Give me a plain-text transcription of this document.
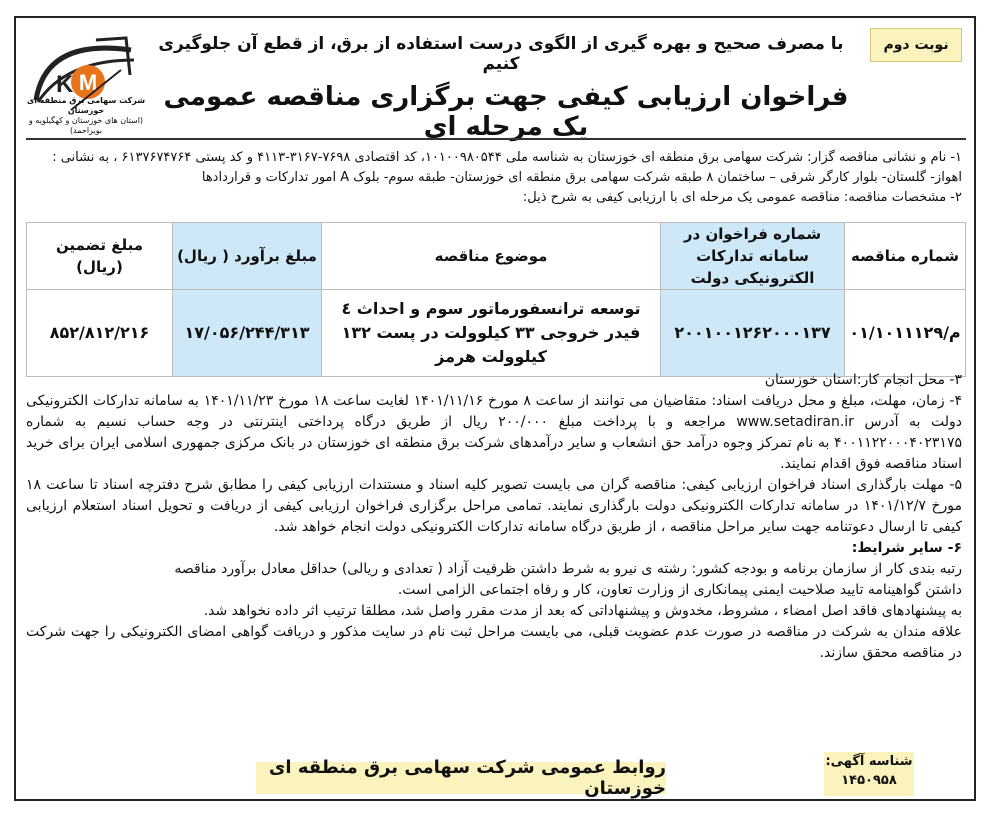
نوبت دوم
با مصرف صحیح و بهره گیری از الگوی درست استفاده از برق، از قطع آن جلوگیری کنیم
فراخوان ارزیابی کیفی جهت برگزاری مناقصه عمومی یک مرحله ای
M
K
شرکت سهامی برق منطقه ای خوزستان
(استان های خوزستان و کهگیلویه و بویراحمد)

۱- نام و نشانی مناقصه گزار: شرکت سهامی برق منطقه ای خوزستان به شناسه ملی ۱۰۱۰۰۹۸۰۵۴۴، کد اقتصادی ۷۶۹۸-۳۱۶۷-۴۱۱۳ و کد پستی ۶۱۳۷۶۷۴۷۶۴ ، به نشانی :

اهواز- گلستان- بلوار کارگر شرقی – ساختمان ۸ طبقه شرکت سهامی برق منطقه ای خوزستان- طبقه سوم- بلوک A امور تدارکات و قراردادها

۲- مشخصات مناقصه: مناقصه عمومی یک مرحله ای با ارزیابی کیفی به شرح ذیل:

شماره مناقصه	شماره فراخوان در سامانه تدارکات الکترونیکی دولت	موضوع مناقصه	مبلغ برآورد ( ریال)	مبلغ تضمین (ریال)
م/۰۱/۱۰۱۱۱۲۹	۲۰۰۱۰۰۱۲۶۲۰۰۰۱۳۷	توسعه ترانسفورماتور سوم و احداث ٤ فیدر خروجی ۳۳ کیلوولت در پست ۱۳۲ کیلوولت هرمز	۱۷/۰۵۶/۲۴۴/۳۱۳	۸۵۲/۸۱۲/۲۱۶

۳- محل انجام کار:استان خوزستان

۴- زمان، مهلت، مبلغ و محل دریافت اسناد: متقاضیان می توانند از ساعت ۸ مورخ ۱۴۰۱/۱۱/۱۶ لغایت ساعت ۱۸ مورخ ۱۴۰۱/۱۱/۲۳ به سامانه تدارکات الکترونیکی دولت به آدرس www.setadiran.ir مراجعه و با پرداخت مبلغ ۲۰۰/۰۰۰ ریال از طریق درگاه پرداختی اینترنتی در وجه حساب نسیم به شماره ۴۰۰۱۱۲۲۰۰۰۴۰۲۳۱۷۵ به نام تمرکز وجوه درآمد حق انشعاب و سایر درآمدهای شرکت برق منطقه ای خوزستان در بانک مرکزی جمهوری اسلامی ایران برای خرید اسناد مناقصه فوق اقدام نمایند.

۵- مهلت بارگذاری اسناد فراخوان ارزیابی کیفی: مناقصه گران می بایست تصویر کلیه اسناد و مستندات ارزیابی کیفی را مطابق شرح دفترچه اسناد تا ساعت ۱۸ مورخ ۱۴۰۱/۱۲/۷ در سامانه تدارکات الکترونیکی دولت بارگذاری نمایند. تمامی مراحل برگزاری فراخوان ارزیابی کیفی از دریافت و تحویل اسناد استعلام ارزیابی کیفی تا ارسال دعوتنامه جهت سایر مراحل مناقصه ، از طریق درگاه سامانه تدارکات الکترونیکی دولت انجام خواهد شد.

۶- سایر شرایط:

رتبه بندی کار از سازمان برنامه و بودجه کشور: رشته ی نیرو به شرط داشتن ظرفیت آزاد ( تعدادی و ریالی) حداقل معادل برآورد مناقصه

داشتن گواهینامه تایید صلاحیت ایمنی پیمانکاری از وزارت تعاون، کار و رفاه اجتماعی الزامی است.

به پیشنهادهای فاقد اصل امضاء ، مشروط، مخدوش و پیشنهاداتی که بعد از مدت مقرر واصل شد، مطلقا ترتیب اثر داده نخواهد شد.

علاقه مندان به شرکت در مناقصه در صورت عدم عضویت قبلی، می بایست مراحل ثبت نام در سایت مذکور و دریافت گواهی امضای الکترونیکی را جهت شرکت در مناقصه محقق سازند.

شناسه آگهی:
۱۴۵۰۹۵۸
روابط عمومی شرکت سهامی برق منطقه ای خوزستان
